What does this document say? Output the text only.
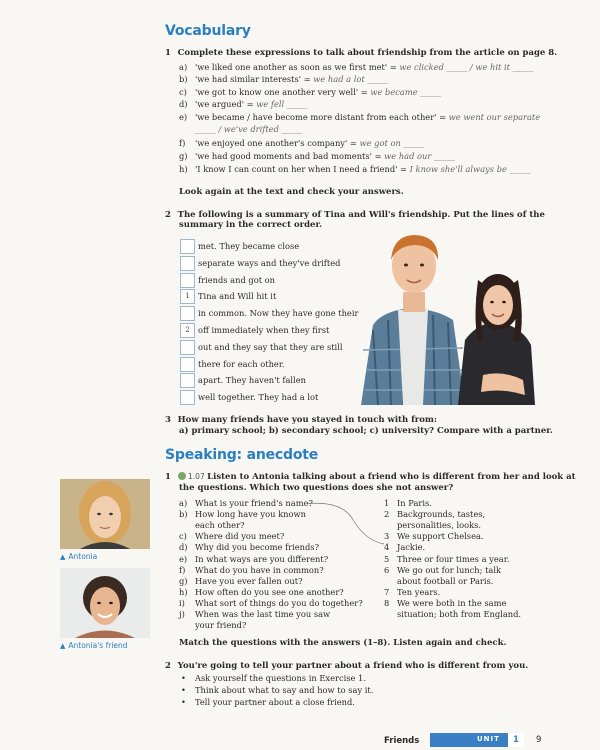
Vocabulary
1 Complete these expressions to talk about friendship from the article on page 8.
a) 'we liked one another as soon as we first met' = we clicked _____ / we hit it _____
b) 'we had similar interests' = we had a lot _____
c) 'we got to know one another very well' = we became _____
d) 'we argued' = we fell _____
e) 'we became / have become more distant from each other' = we went our separate
_____ / we've drifted _____
f) 'we enjoyed one another's company' = we got on _____
g) 'we had good moments and bad moments' = we had our _____
h) 'I know I can count on her when I need a friend' = I know she'll always be _____
Look again at the text and check your answers.
2 The following is a summary of Tina and Will's friendship. Put the lines of the
summary in the correct order.
met. They became close
separate ways and they've drifted
friends and got on
1 Tina and Will hit it
in common. Now they have gone their
2 off immediately when they first
out and they say that they are still
there for each other.
apart. They haven't fallen
well together. They had a lot
3 How many friends have you stayed in touch with from:
a) primary school; b) secondary school; c) university? Compare with a partner.
Speaking: anecdote
1 1.07 Listen to Antonia talking about a friend who is different from her and look at
the questions. Which two questions does she not answer?
a) What is your friend's name?
b) How long have you known
each other?
c) Where did you meet?
d) Why did you become friends?
e) In what ways are you different?
f) What do you have in common?
g) Have you ever fallen out?
h) How often do you see one another?
i) What sort of things do you do together?
j) When was the last time you saw
your friend?
1 In Paris.
2 Backgrounds, tastes,
personalities, looks.
3 We support Chelsea.
4 Jackie.
5 Three or four times a year.
6 We go out for lunch; talk
about football or Paris.
7 Ten years.
8 We were both in the same
situation; both from England.
Match the questions with the answers (1–8). Listen again and check.
2 You're going to tell your partner about a friend who is different from you.
• Ask yourself the questions in Exercise 1.
• Think about what to say and how to say it.
• Tell your partner about a close friend.
▲ Antonia
▲ Antonia's friend
Friends	UNIT	1	9
